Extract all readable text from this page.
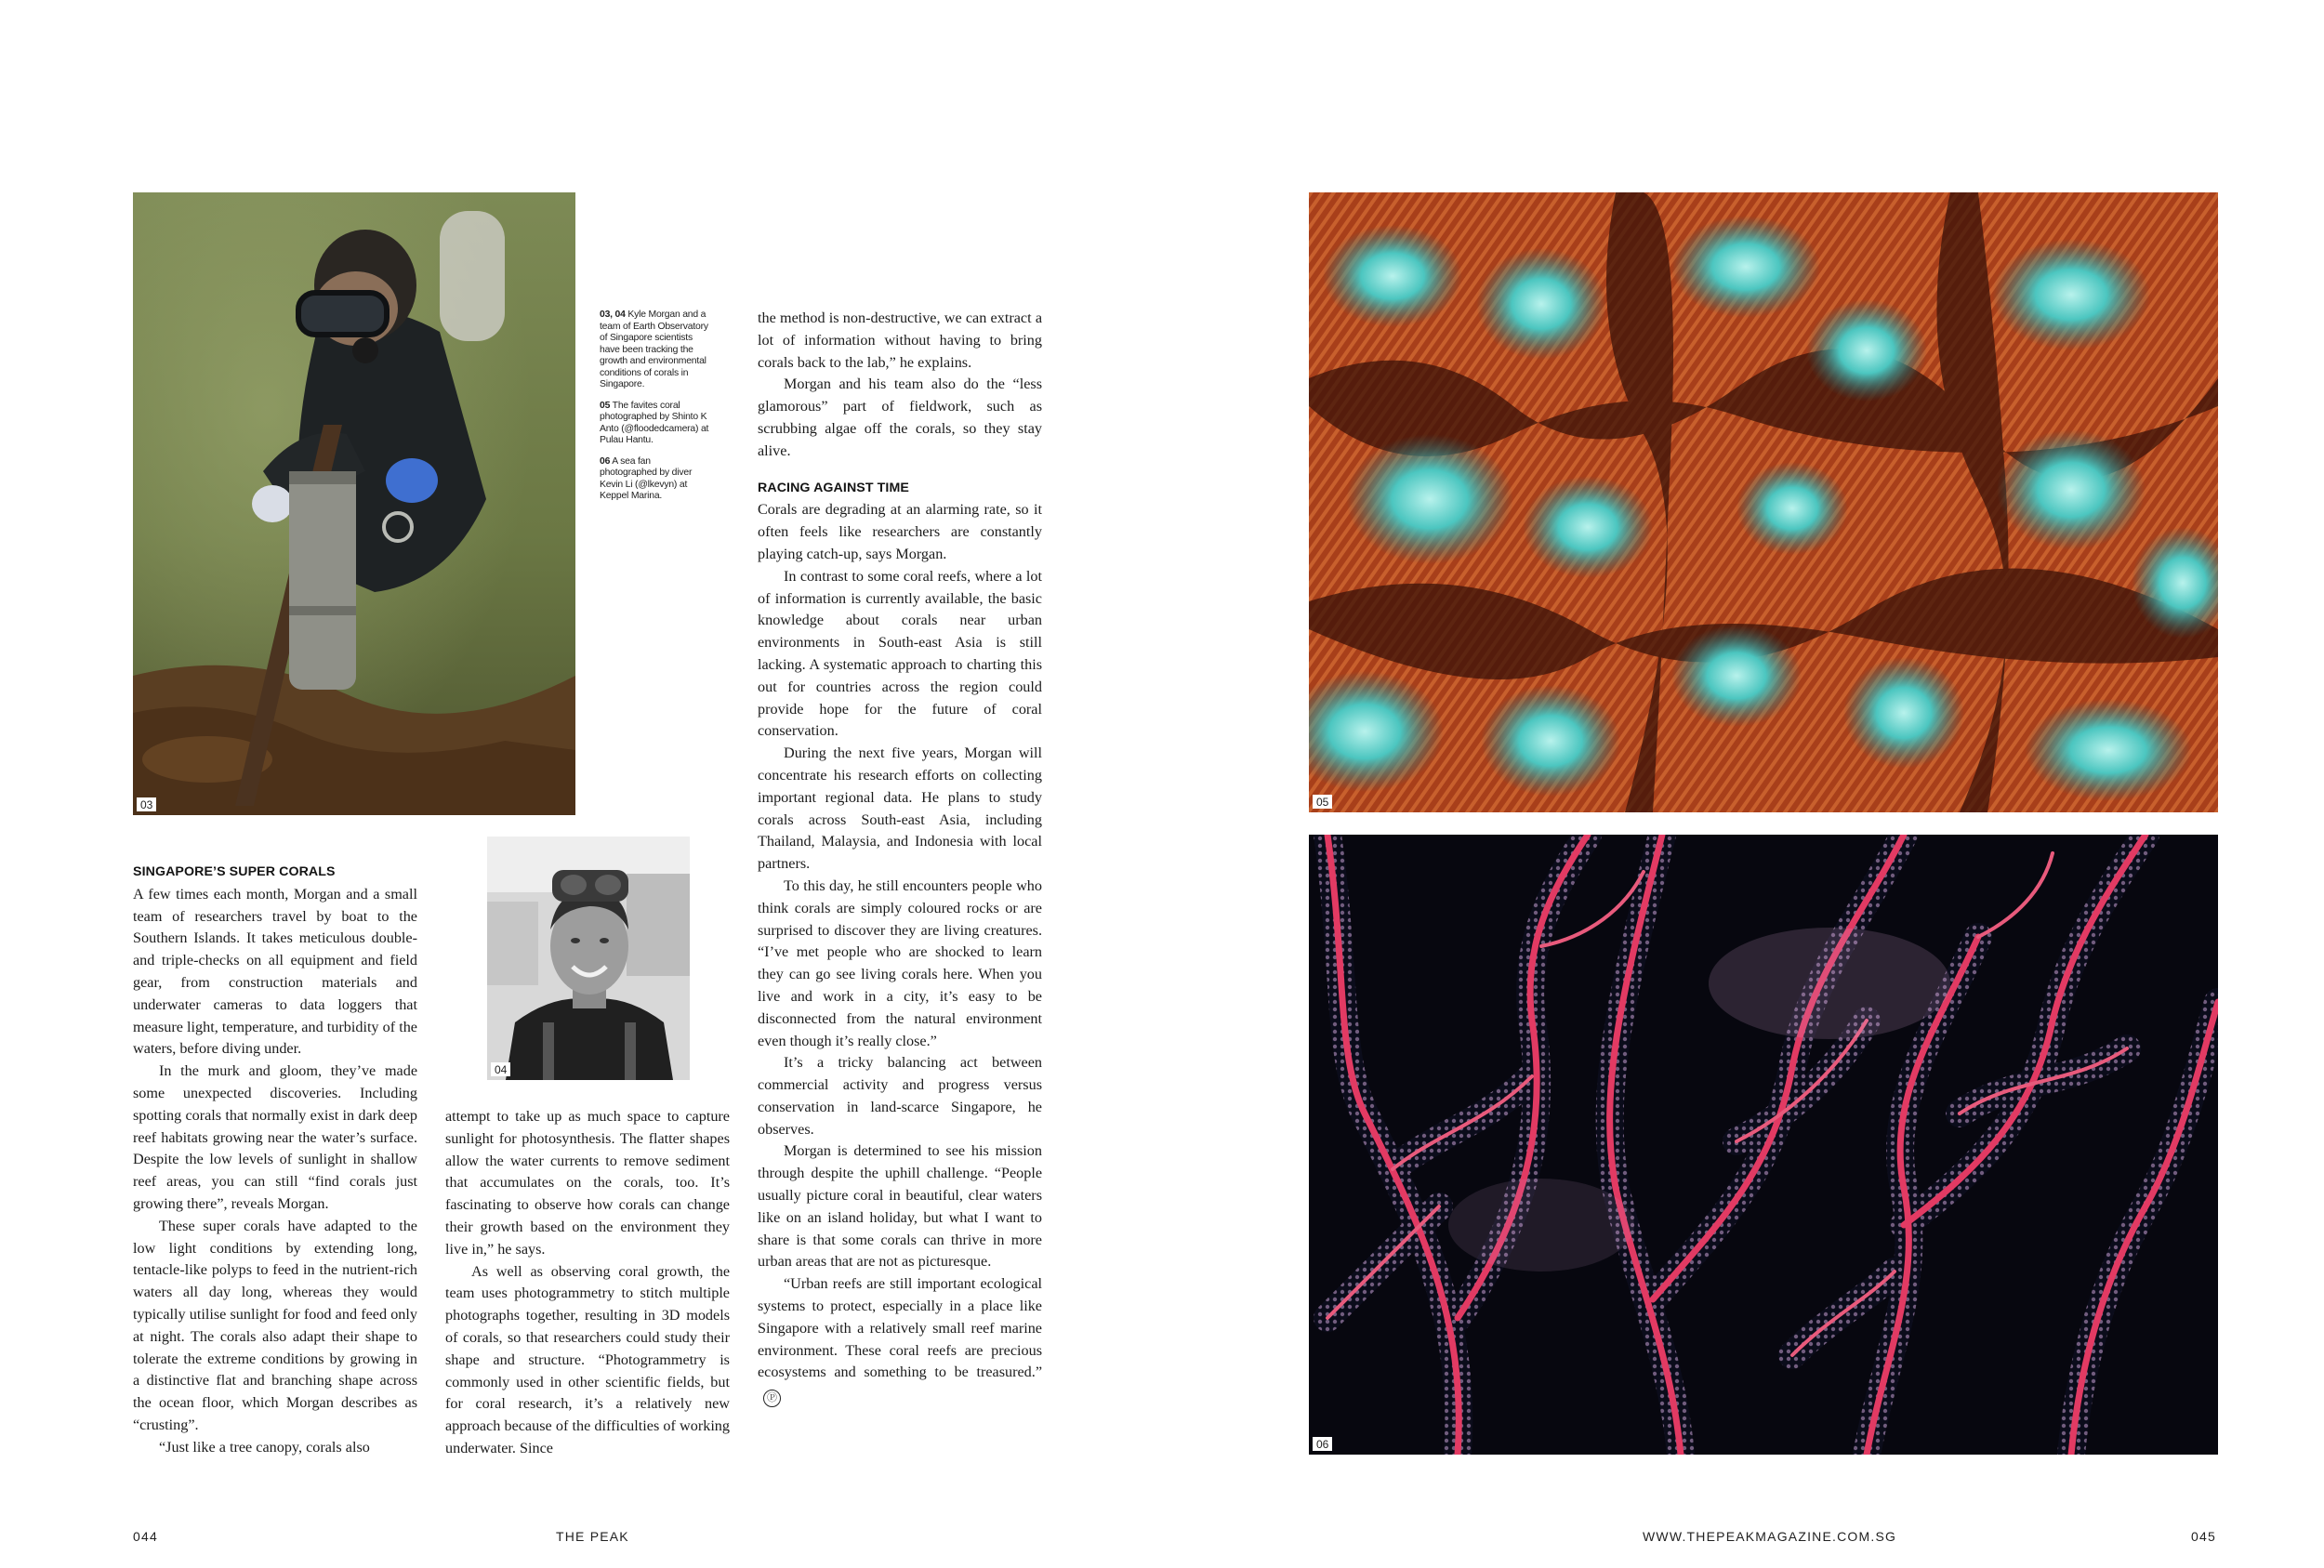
03
03, 04 Kyle Morgan and a team of Earth Observatory of Singapore scientists have been tracking the growth and environmental conditions of corals in Singapore.
05 The favites coral photographed by Shinto K Anto (@floodedcamera) at Pulau Hantu.
06 A sea fan photographed by diver Kevin Li (@lkevyn) at Keppel Marina.
04
SINGAPORE’S SUPER CORALS

A few times each month, Morgan and a small team of researchers travel by boat to the Southern Islands. It takes meticulous double- and triple-checks on all equipment and field gear, from construction materials and underwater cameras to data loggers that measure light, temperature, and turbidity of the waters, before diving under.

In the murk and gloom, they’ve made some unexpected discoveries. Including spotting corals that normally exist in dark deep reef habitats growing near the water’s surface. Despite the low levels of sunlight in shallow reef areas, you can still “find corals just growing there”, reveals Morgan.

These super corals have adapted to the low light conditions by extending long, tentacle-like polyps to feed in the nutrient-rich waters all day long, whereas they would typically utilise sunlight for food and feed only at night. The corals also adapt their shape to tolerate the extreme conditions by growing in a distinctive flat and branching shape across the ocean floor, which Morgan describes as “crusting”.

“Just like a tree canopy, corals also

attempt to take up as much space to capture sunlight for photosynthesis. The flatter shapes allow the water currents to remove sediment that accumulates on the corals, too. It’s fascinating to observe how corals can change their growth based on the environment they live in,” he says.

As well as observing coral growth, the team uses photogrammetry to stitch multiple photographs together, resulting in 3D models of corals, so that researchers could study their shape and structure. “Photogrammetry is commonly used in other scientific fields, but for coral research, it’s a relatively new approach because of the difficulties of working underwater. Since

the method is non-destructive, we can extract a lot of information without having to bring corals back to the lab,” he explains.

Morgan and his team also do the “less glamorous” part of fieldwork, such as scrubbing algae off the corals, so they stay alive.

RACING AGAINST TIME

Corals are degrading at an alarming rate, so it often feels like researchers are constantly playing catch-up, says Morgan.

In contrast to some coral reefs, where a lot of information is currently available, the basic knowledge about corals near urban environments in South-east Asia is still lacking. A systematic approach to charting this out for countries across the region could provide hope for the future of coral conservation.

During the next five years, Morgan will concentrate his research efforts on collecting important regional data. He plans to study corals across South-east Asia, including Thailand, Malaysia, and Indonesia with local partners.

To this day, he still encounters people who think corals are simply coloured rocks or are surprised to discover they are living creatures. “I’ve met people who are shocked to learn they can go see living corals here. When you live and work in a city, it’s easy to be disconnected from the natural environment even though it’s really close.”

It’s a tricky balancing act between commercial activity and progress versus conservation in land-scarce Singapore, he observes.

Morgan is determined to see his mission through despite the uphill challenge. “People usually picture coral in beautiful, clear waters like on an island holiday, but what I want to share is that some corals can thrive in more urban areas that are not as picturesque.

“Urban reefs are still important ecological systems to protect, especially in a place like Singapore with a relatively small reef marine environment. These coral reefs are precious ecosystems and something to be treasured.”Ⓟ

05
06
044	THE PEAK	WWW.THEPEAKMAGAZINE.COM.SG	045
